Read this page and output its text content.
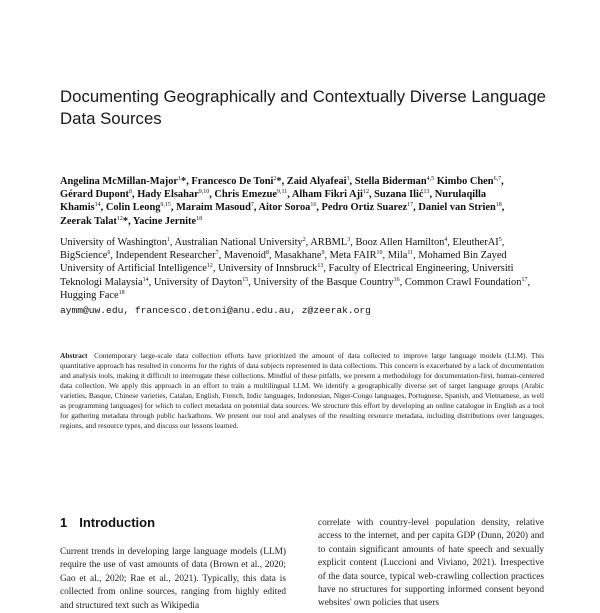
Documenting Geographically and Contextually Diverse Language Data Sources
Angelina McMillan-Major$^1$*, Francesco De Toni$^2$*, Zaid Alyafeai$^3$, Stella Biderman$^{4,5}$ Kimbo Chen$^{6,7}$, Gérard Dupont$^8$, Hady Elsahar$^{9,10}$, Chris Emezue$^{9,11}$, Alham Fikri Aji$^{12}$, Suzana Ilić$^{13}$, Nurulaqilla Khamis$^{14}$, Colin Leong$^{9,15}$, Maraim Masoud$^7$, Aitor Soroa$^{16}$, Pedro Ortiz Suarez$^{17}$, Daniel van Strien$^{18}$, Zeerak Talat$^{12}$*, Yacine Jernite$^{18}$
University of Washington$^1$, Australian National University$^2$, ARBML$^3$, Booz Allen Hamilton$^4$, EleutherAI$^5$, BigScience$^6$, Independent Researcher$^7$, Mavenoid$^8$, Masakhane$^9$, Meta FAIR$^{10}$, Mila$^{11}$, Mohamed Bin Zayed University of Artificial Intelligence$^{12}$, University of Innsbruck$^{13}$, Faculty of Electrical Engineering, Universiti Teknologi Malaysia$^{14}$, University of Dayton$^{15}$, University of the Basque Country$^{16}$, Common Crawl Foundation$^{17}$, Hugging Face$^{18}$
aymm@uw.edu, francesco.detoni@anu.edu.au, z@zeerak.org
Abstract Contemporary large-scale data collection efforts have prioritized the amount of data collected to improve large language models (LLM). This quantitative approach has resulted in concerns for the rights of data subjects represented in data collections. This concern is exacerbated by a lack of documentation and analysis tools, making it difficult to interrogate these collections. Mindful of these pitfalls, we present a methodology for documentation-first, human-centered data collection. We apply this approach in an effort to train a multilingual LLM. We identify a geographically diverse set of target language groups (Arabic varieties, Basque, Chinese varieties, Catalan, English, French, Indic languages, Indonesian, Niger-Congo languages, Portuguese, Spanish, and Vietnamese, as well as programming languages) for which to collect metadata on potential data sources. We structure this effort by developing an online catalogue in English as a tool for gathering metadata through public hackathons. We present our tool and analyses of the resulting resource metadata, including distributions over languages, regions, and resource types, and discuss our lessons learned.
1 Introduction
Current trends in developing large language models (LLM) require the use of vast amounts of data (Brown et al., 2020; Gao et al., 2020; Rae et al., 2021). Typically, this data is collected from online sources, ranging from highly edited and structured text such as Wikipedia
correlate with country-level population density, relative access to the internet, and per capita GDP (Dunn, 2020) and to contain significant amounts of hate speech and sexually explicit content (Luccioni and Viviano, 2021). Irrespective of the data source, typical web-crawling collection practices have no structures for supporting informed consent beyond websites' own policies that users
